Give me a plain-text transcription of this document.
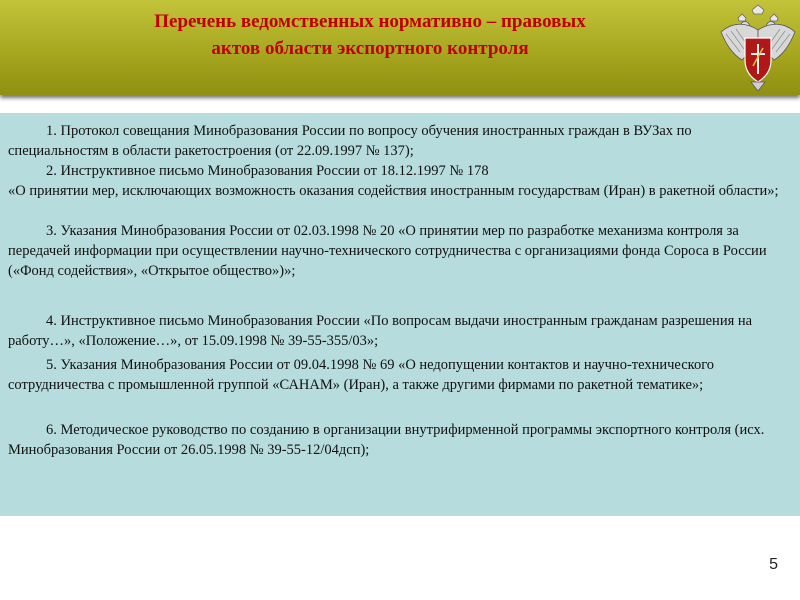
Перечень ведомственных нормативно – правовых
актов области экспортного контроля

1. Протокол совещания Минобразования России по вопросу обучения иностранных граждан в ВУЗах по специальностям в области ракетостроения (от 22.09.1997 № 137);

2. Инструктивное письмо Минобразования России от 18.12.1997 № 178

«О принятии мер, исключающих возможность оказания содействия иностранным государствам (Иран) в ракетной области»;

3. Указания Минобразования России от 02.03.1998 № 20 «О принятии мер по разработке механизма контроля за передачей информации при осуществлении научно-технического сотрудничества с организациями фонда Сороса в России («Фонд содействия», «Открытое общество»)»;

4. Инструктивное письмо Минобразования России «По вопросам выдачи иностранным гражданам разрешения на работу…», «Положение…», от 15.09.1998 № 39-55-355/03»;

5. Указания Минобразования России от 09.04.1998 № 69 «О недопущении контактов и научно-технического сотрудничества с промышленной группой «САНАМ» (Иран), а также другими фирмами по ракетной тематике»;

6. Методическое руководство по созданию в организации внутрифирменной программы экспортного контроля (исх. Минобразования России от 26.05.1998 № 39-55-12/04дсп);

5
